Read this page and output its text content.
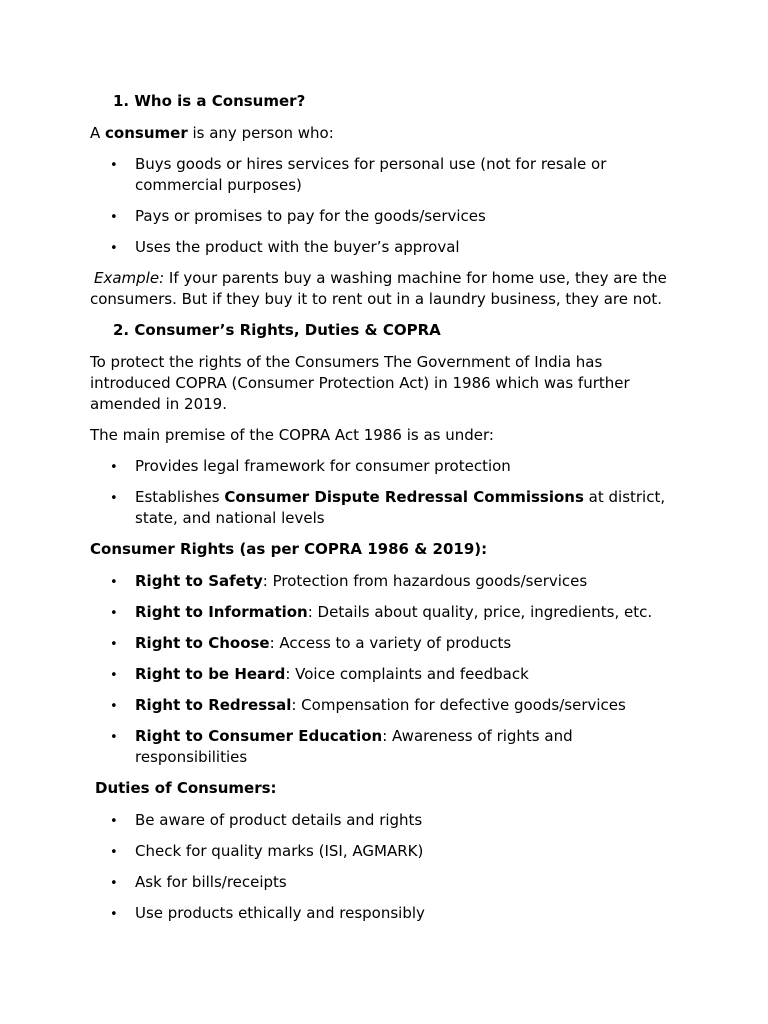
1. Who is a Consumer?
A consumer is any person who:
• Buys goods or hires services for personal use (not for resale or
commercial purposes)
• Pays or promises to pay for the goods/services
• Uses the product with the buyer’s approval
Example: If your parents buy a washing machine for home use, they are the
consumers. But if they buy it to rent out in a laundry business, they are not.
2. Consumer’s Rights, Duties & COPRA
To protect the rights of the Consumers The Government of India has
introduced COPRA (Consumer Protection Act) in 1986 which was further
amended in 2019.
The main premise of the COPRA Act 1986 is as under:
• Provides legal framework for consumer protection
• Establishes Consumer Dispute Redressal Commissions at district,
state, and national levels
Consumer Rights (as per COPRA 1986 & 2019):
• Right to Safety: Protection from hazardous goods/services
• Right to Information: Details about quality, price, ingredients, etc.
• Right to Choose: Access to a variety of products
• Right to be Heard: Voice complaints and feedback
• Right to Redressal: Compensation for defective goods/services
• Right to Consumer Education: Awareness of rights and
responsibilities
Duties of Consumers:
• Be aware of product details and rights
• Check for quality marks (ISI, AGMARK)
• Ask for bills/receipts
• Use products ethically and responsibly
